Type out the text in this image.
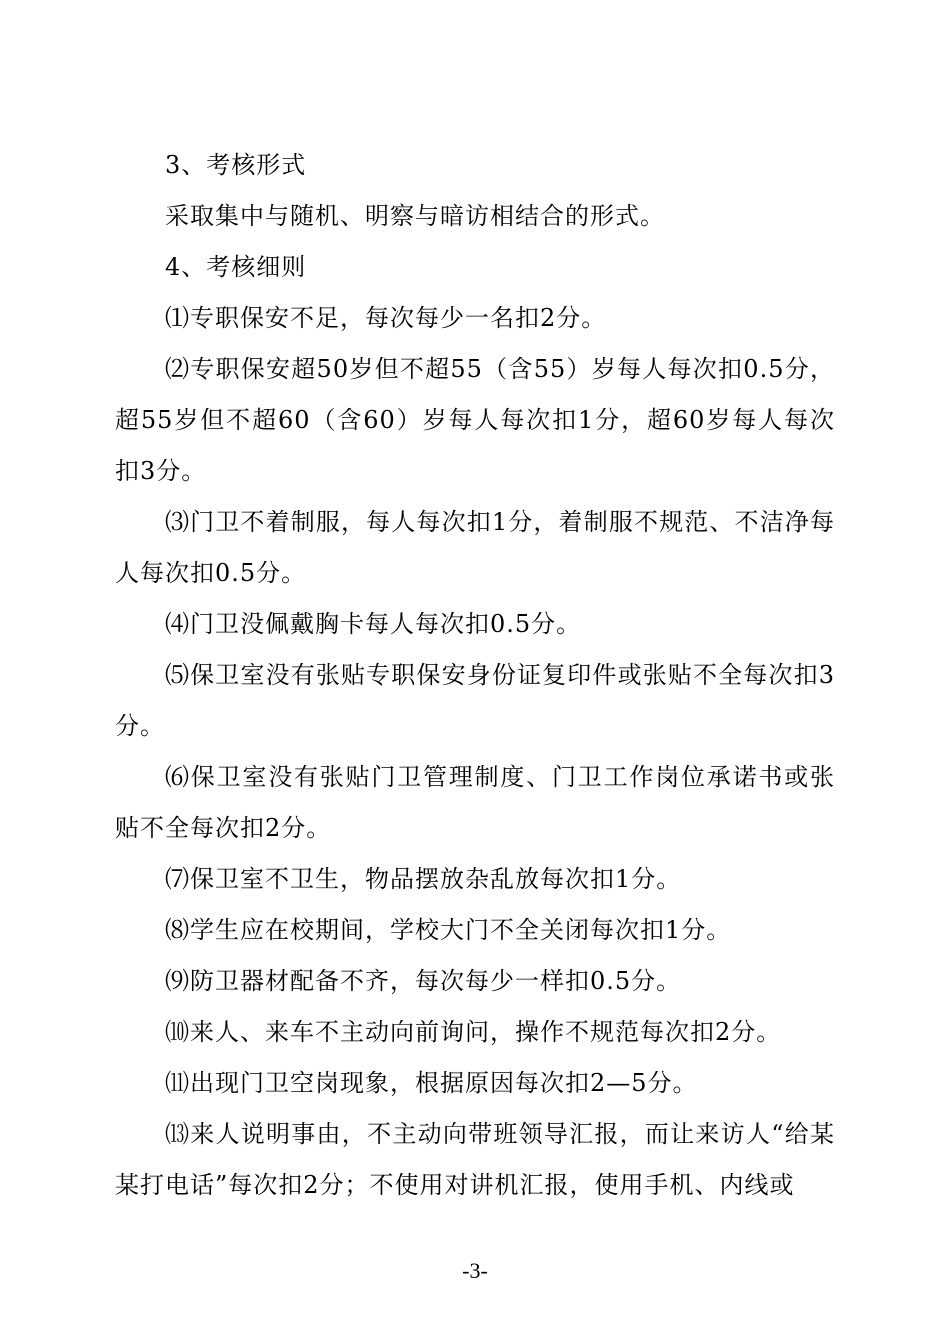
3、考核形式

采取集中与随机、明察与暗访相结合的形式。

4、考核细则

⑴专职保安不足，每次每少一名扣2分。

⑵专职保安超50岁但不超55（含55）岁每人每次扣0.5分，超55岁但不超60（含60）岁每人每次扣1分，超60岁每人每次扣3分。

⑶门卫不着制服，每人每次扣1分，着制服不规范、不洁净每人每次扣0.5分。

⑷门卫没佩戴胸卡每人每次扣0.5分。

⑸保卫室没有张贴专职保安身份证复印件或张贴不全每次扣3分。

⑹保卫室没有张贴门卫管理制度、门卫工作岗位承诺书或张贴不全每次扣2分。

⑺保卫室不卫生，物品摆放杂乱放每次扣1分。

⑻学生应在校期间，学校大门不全关闭每次扣1分。

⑼防卫器材配备不齐，每次每少一样扣0.5分。

⑽来人、来车不主动向前询问，操作不规范每次扣2分。

⑾出现门卫空岗现象，根据原因每次扣2—5分。

⒀来人说明事由，不主动向带班领导汇报，而让来访人“给某某打电话”每次扣2分；不使用对讲机汇报，使用手机、内线或

-3-
